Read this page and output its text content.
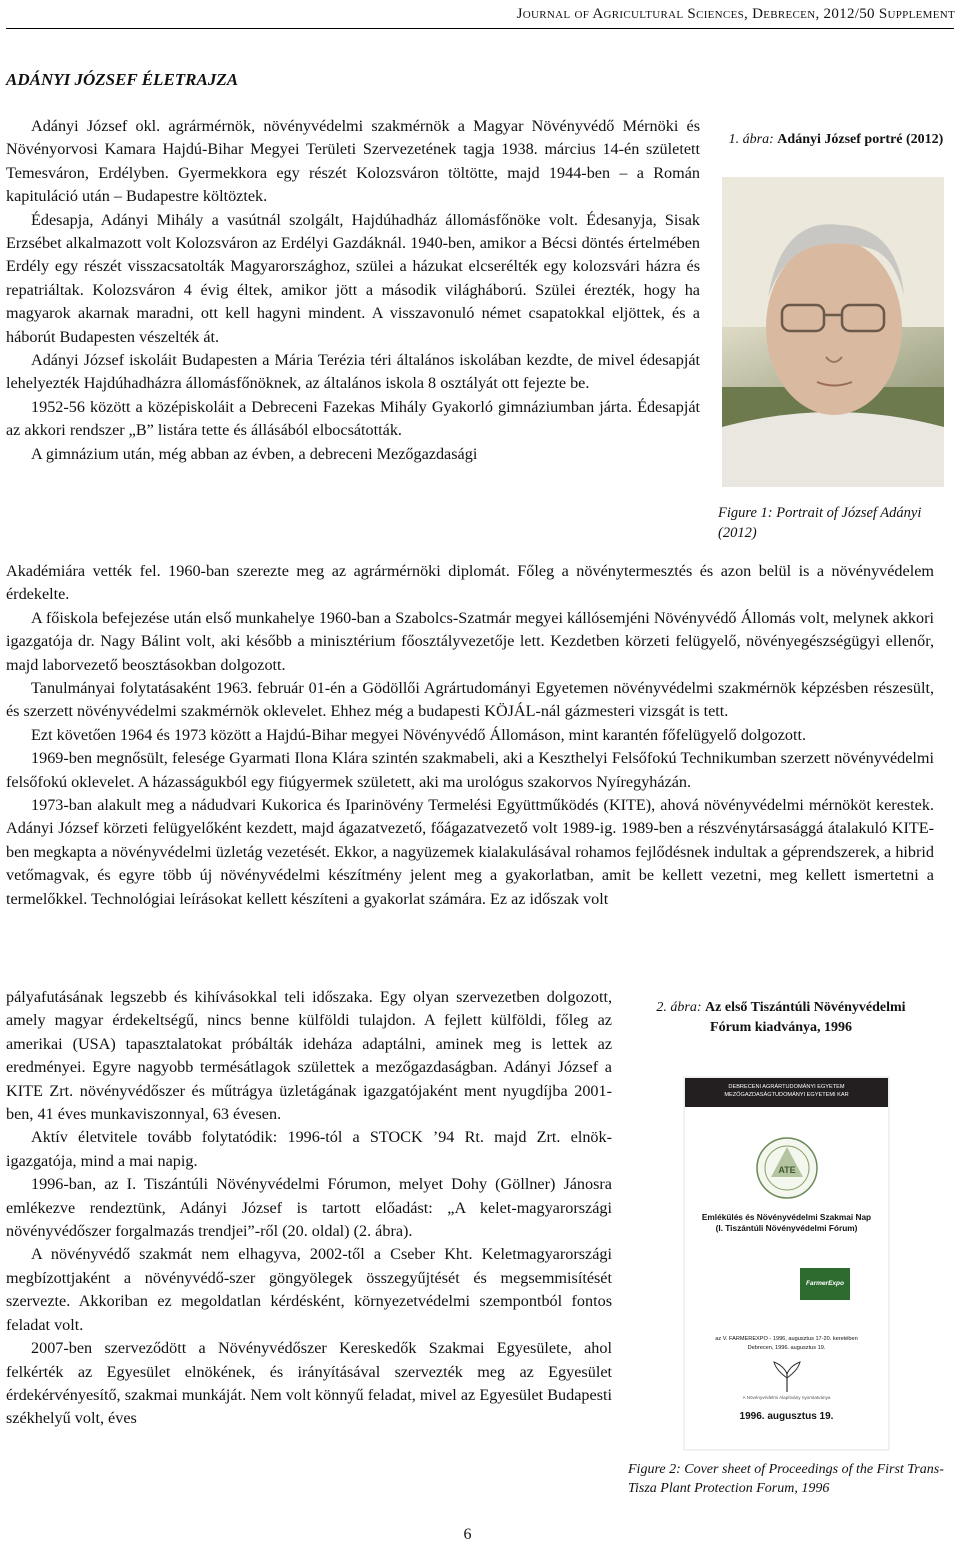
Journal of Agricultural Sciences, Debrecen, 2012/50 Supplement
ADÁNYI JÓZSEF ÉLETRAJZA

Adányi József okl. agrármérnök, növényvédelmi szakmérnök a Magyar Növényvédő Mérnöki és Növényorvosi Kamara Hajdú-Bihar Megyei Területi Szervezetének tagja 1938. március 14-én született Temesváron, Erdélyben. Gyermekkora egy részét Kolozsváron töltötte, majd 1944-ben – a Román kapituláció után – Budapestre költöztek.

Édesapja, Adányi Mihály a vasútnál szolgált, Hajdúhadház állomásfőnöke volt. Édesanyja, Sisak Erzsébet alkalmazott volt Kolozsváron az Erdélyi Gazdáknál. 1940-ben, amikor a Bécsi döntés értelmében Erdély egy részét visszacsatolták Magyarországhoz, szülei a házukat elcserélték egy kolozsvári házra és repatriáltak. Kolozsváron 4 évig éltek, amikor jött a második világháború. Szülei érezték, hogy ha magyarok akarnak maradni, ott kell hagyni mindent. A visszavonuló német csapatokkal eljöttek, és a háborút Budapesten vészelték át.

Adányi József iskoláit Budapesten a Mária Terézia téri általános iskolában kezdte, de mivel édesapját lehelyezték Hajdúhadházra állomásfőnöknek, az általános iskola 8 osztályát ott fejezte be.

1952-56 között a középiskoláit a Debreceni Fazekas Mihály Gyakorló gimnáziumban járta. Édesapját az akkori rendszer „B” listára tette és állásából elbocsátották.

A gimnázium után, még abban az évben, a debreceni Mezőgazdasági

1. ábra: Adányi József portré (2012)
Figure 1: Portrait of József Adányi (2012)

Akadémiára vették fel. 1960-ban szerezte meg az agrármérnöki diplomát. Főleg a növénytermesztés és azon belül is a növényvédelem érdekelte.

A főiskola befejezése után első munkahelye 1960-ban a Szabolcs-Szatmár megyei kállósemjéni Növényvédő Állomás volt, melynek akkori igazgatója dr. Nagy Bálint volt, aki később a minisztérium főosztályvezetője lett. Kezdetben körzeti felügyelő, növényegészségügyi ellenőr, majd laborvezető beosztásokban dolgozott.

Tanulmányai folytatásaként 1963. február 01-én a Gödöllői Agrártudományi Egyetemen növényvédelmi szakmérnök képzésben részesült, és szerzett növényvédelmi szakmérnök oklevelet. Ehhez még a budapesti KÖJÁL-nál gázmesteri vizsgát is tett.

Ezt követően 1964 és 1973 között a Hajdú-Bihar megyei Növényvédő Állomáson, mint karantén főfelügyelő dolgozott.

1969-ben megnősült, felesége Gyarmati Ilona Klára szintén szakmabeli, aki a Keszthelyi Felsőfokú Technikumban szerzett növényvédelmi felsőfokú oklevelet. A házasságukból egy fiúgyermek született, aki ma urológus szakorvos Nyíregyházán.

1973-ban alakult meg a nádudvari Kukorica és Iparinövény Termelési Együttműködés (KITE), ahová növényvédelmi mérnököt kerestek. Adányi József körzeti felügyelőként kezdett, majd ágazatvezető, főágazatvezető volt 1989-ig. 1989-ben a részvénytársasággá átalakuló KITE-ben megkapta a növényvédelmi üzletág vezetését. Ekkor, a nagyüzemek kialakulásával rohamos fejlődésnek indultak a géprendszerek, a hibrid vetőmagvak, és egyre több új növényvédelmi készítmény jelent meg a gyakorlatban, amit be kellett vezetni, meg kellett ismertetni a termelőkkel. Technológiai leírásokat kellett készíteni a gyakorlat számára. Ez az időszak volt

pályafutásának legszebb és kihívásokkal teli időszaka. Egy olyan szervezetben dolgozott, amely magyar érdekeltségű, nincs benne külföldi tulajdon. A fejlett külföldi, főleg az amerikai (USA) tapasztalatokat próbálták ideháza adaptálni, aminek meg is lettek az eredményei. Egyre nagyobb termésátlagok születtek a mezőgazdaságban. Adányi József a KITE Zrt. növényvédőszer és műtrágya üzletágának igazgatójaként ment nyugdíjba 2001-ben, 41 éves munkaviszonnyal, 63 évesen.

Aktív életvitele tovább folytatódik: 1996-tól a STOCK ’94 Rt. majd Zrt. elnök-igazgatója, mind a mai napig.

1996-ban, az I. Tiszántúli Növényvédelmi Fórumon, melyet Dohy (Göllner) Jánosra emlékezve rendeztünk, Adányi József is tartott előadást: „A kelet-magyarországi növényvédőszer forgalmazás trendjei”-ről (20. oldal) (2. ábra).

A növényvédő szakmát nem elhagyva, 2002-től a Cseber Kht. Keletmagyarországi megbízottjaként a növényvédő-szer göngyölegek összegyűjtését és megsemmisítését szervezte. Akkoriban ez megoldatlan kérdésként, környezetvédelmi szempontból fontos feladat volt.

2007-ben szerveződött a Növényvédőszer Kereskedők Szakmai Egyesülete, ahol felkérték az Egyesület elnökének, és irányításával szervezték meg az Egyesület érdekérvényesítő, szakmai munkáját. Nem volt könnyű feladat, mivel az Egyesület Budapesti székhelyű volt, éves

2. ábra: Az első Tiszántúli Növényvédelmi Fórum kiadványa, 1996
DEBRECENI AGRÁRTUDOMÁNYI EGYETEM
MEZŐGAZDASÁGTUDOMÁNYI EGYETEMI KAR
ATE
Emlékülés és Növényvédelmi Szakmai Nap
(I. Tiszántúli Növényvédelmi Fórum)
FarmerExpo
az V. FARMEREXPO - 1996, augusztus 17-20. keretében
Debrecen, 1996. augusztus 19.
A Növényvédelmi Alapítvány nyomtatványa
1996. augusztus 19.
Figure 2: Cover sheet of Proceedings of the First Trans-Tisza Plant Protection Forum, 1996
6
